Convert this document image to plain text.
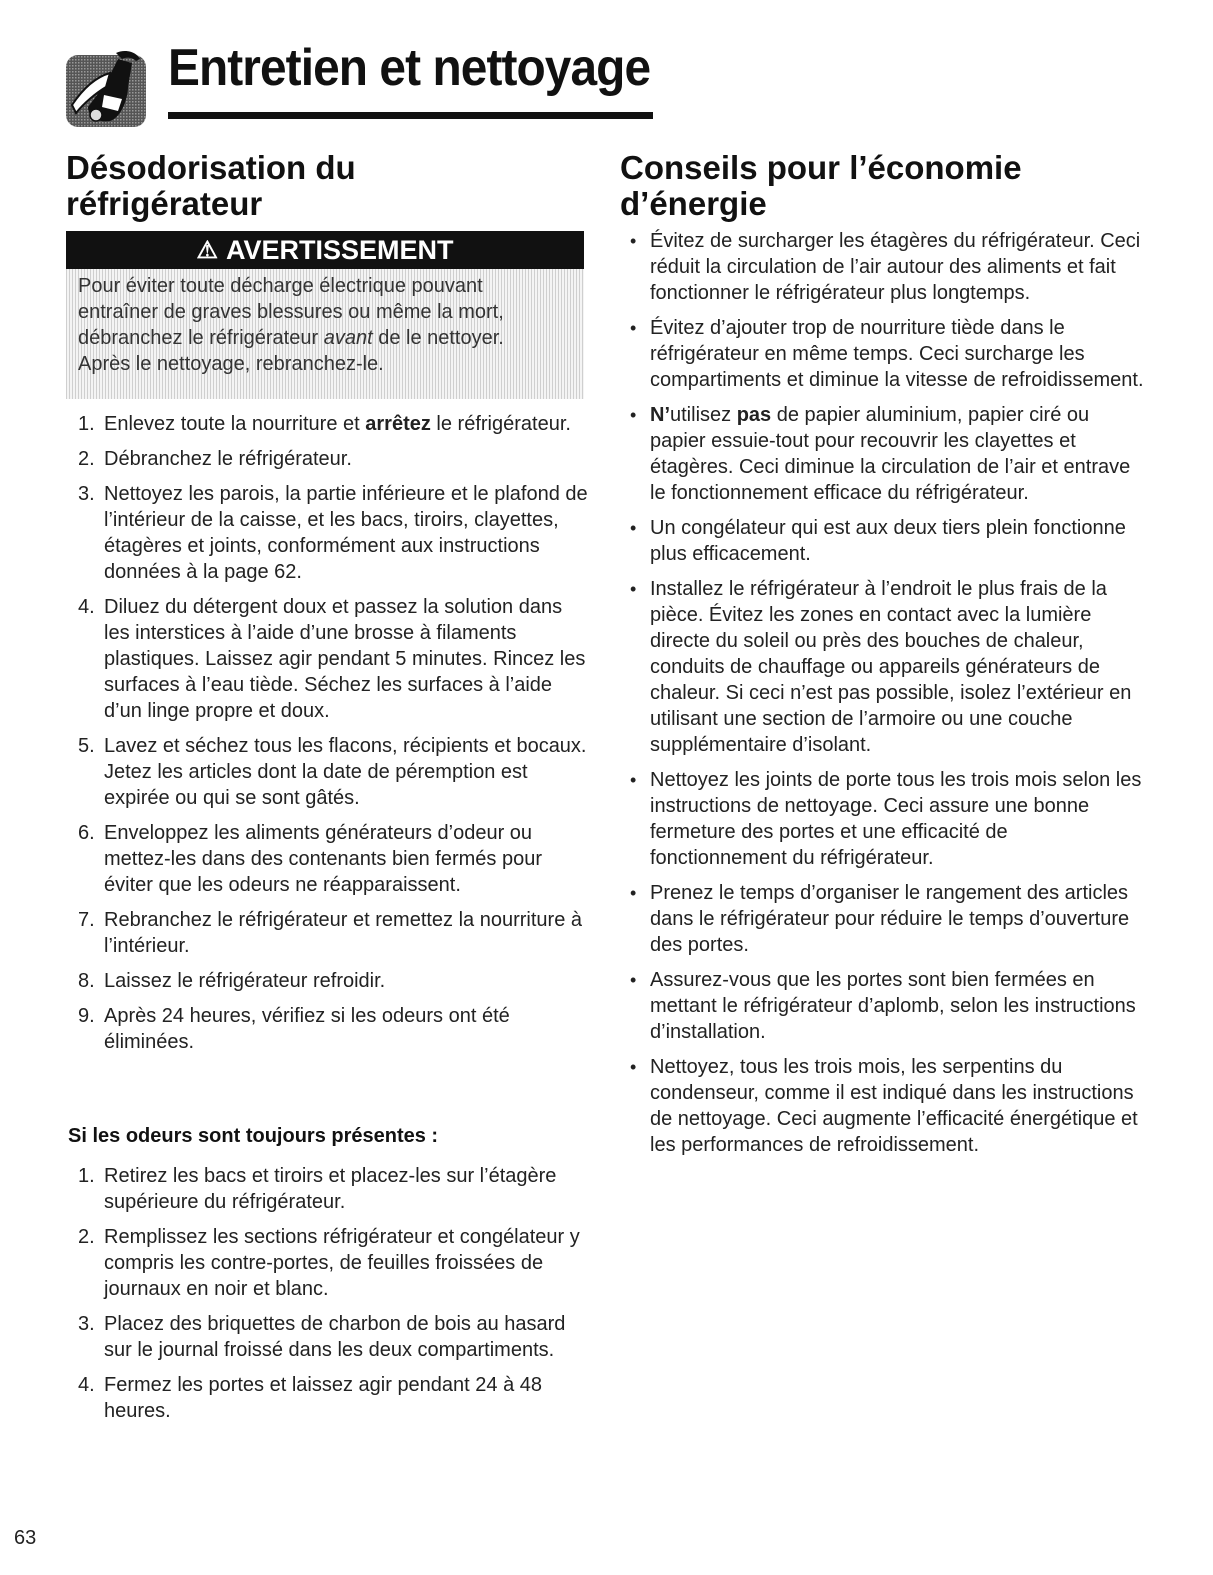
Entretien et nettoyage
Désodorisation du
réfrigérateur
⚠ AVERTISSEMENT
Pour éviter toute décharge électrique pouvant
entraîner de graves blessures ou même la mort,
débranchez le réfrigérateur avant de le nettoyer.
Après le nettoyage, rebranchez-le.
1. Enlevez toute la nourriture et arrêtez le réfrigérateur.
2. Débranchez le réfrigérateur.
3. Nettoyez les parois, la partie inférieure et le plafond de l’intérieur de la caisse, et les bacs, tiroirs, clayettes, étagères et joints, conformément aux instructions données à la page 62.
4. Diluez du détergent doux et passez la solution dans les interstices à l’aide d’une brosse à filaments plastiques. Laissez agir pendant 5 minutes. Rincez les surfaces à l’eau tiède. Séchez les surfaces à l’aide d’un linge propre et doux.
5. Lavez et séchez tous les flacons, récipients et bocaux. Jetez les articles dont la date de péremption est expirée ou qui se sont gâtés.
6. Enveloppez les aliments générateurs d’odeur ou mettez-les dans des contenants bien fermés pour éviter que les odeurs ne réapparaissent.
7. Rebranchez le réfrigérateur et remettez la nourriture à l’intérieur.
8. Laissez le réfrigérateur refroidir.
9. Après 24 heures, vérifiez si les odeurs ont été éliminées.
Si les odeurs sont toujours présentes :
1. Retirez les bacs et tiroirs et placez-les sur l’étagère supérieure du réfrigérateur.
2. Remplissez les sections réfrigérateur et congélateur y compris les contre-portes, de feuilles froissées de journaux en noir et blanc.
3. Placez des briquettes de charbon de bois au hasard sur le journal froissé dans les deux compartiments.
4. Fermez les portes et laissez agir pendant 24 à 48 heures.
Conseils pour l’économie
d’énergie
• Évitez de surcharger les étagères du réfrigérateur. Ceci réduit la circulation de l’air autour des aliments et fait fonctionner le réfrigérateur plus longtemps.
• Évitez d’ajouter trop de nourriture tiède dans le réfrigérateur en même temps. Ceci surcharge les compartiments et diminue la vitesse de refroidissement.
• N’utilisez pas de papier aluminium, papier ciré ou papier essuie-tout pour recouvrir les clayettes et étagères. Ceci diminue la circulation de l’air et entrave le fonctionnement efficace du réfrigérateur.
• Un congélateur qui est aux deux tiers plein fonctionne plus efficacement.
• Installez le réfrigérateur à l’endroit le plus frais de la pièce. Évitez les zones en contact avec la lumière directe du soleil ou près des bouches de chaleur, conduits de chauffage ou appareils générateurs de chaleur. Si ceci n’est pas possible, isolez l’extérieur en utilisant une section de l’armoire ou une couche supplémentaire d’isolant.
• Nettoyez les joints de porte tous les trois mois selon les instructions de nettoyage. Ceci assure une bonne fermeture des portes et une efficacité de fonctionnement du réfrigérateur.
• Prenez le temps d’organiser le rangement des articles dans le réfrigérateur pour réduire le temps d’ouverture des portes.
• Assurez-vous que les portes sont bien fermées en mettant le réfrigérateur d’aplomb, selon les instructions d’installation.
• Nettoyez, tous les trois mois, les serpentins du condenseur, comme il est indiqué dans les instructions de nettoyage. Ceci augmente l’efficacité énergétique et les performances de refroidissement.
63
